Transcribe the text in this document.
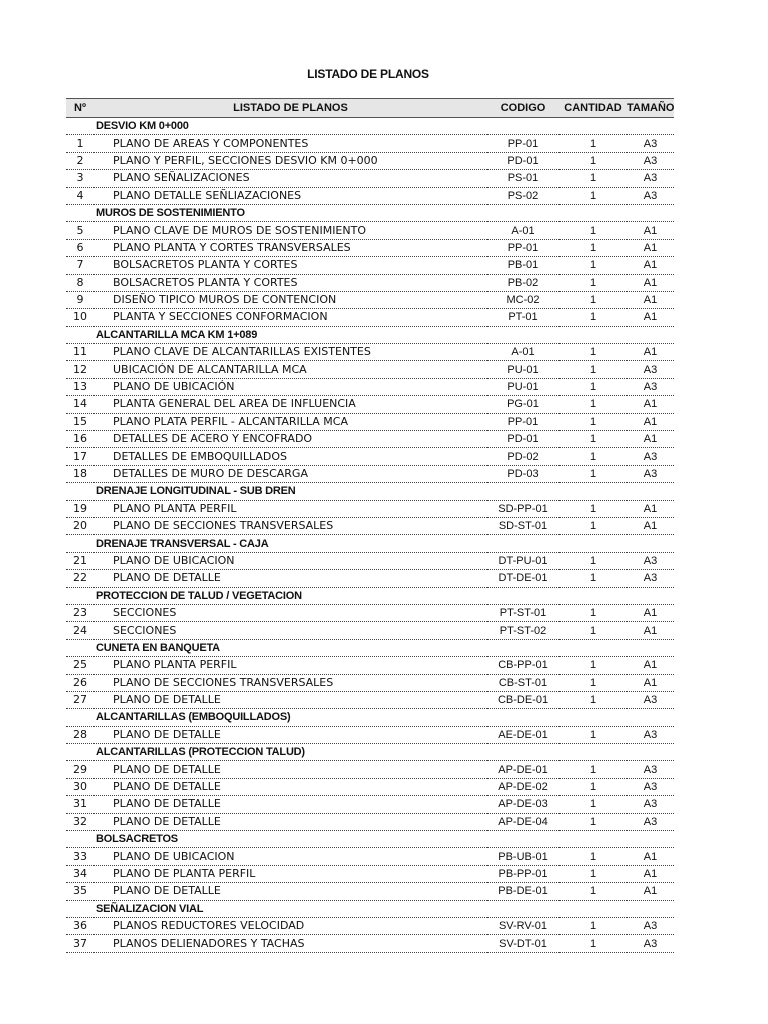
LISTADO DE PLANOS
Nº	LISTADO DE PLANOS	CODIGO	CANTIDAD	TAMAÑO
	DESVIO KM 0+000			
1	PLANO DE AREAS Y COMPONENTES	PP-01	1	A3
2	PLANO Y PERFIL, SECCIONES DESVIO KM 0+000	PD-01	1	A3
3	PLANO SEÑALIZACIONES	PS-01	1	A3
4	PLANO DETALLE SEÑLIAZACIONES	PS-02	1	A3
	MUROS DE SOSTENIMIENTO			
5	PLANO CLAVE DE MUROS DE SOSTENIMIENTO	A-01	1	A1
6	PLANO PLANTA Y CORTES TRANSVERSALES	PP-01	1	A1
7	BOLSACRETOS PLANTA Y CORTES	PB-01	1	A1
8	BOLSACRETOS PLANTA Y CORTES	PB-02	1	A1
9	DISEÑO TIPICO MUROS DE CONTENCION	MC-02	1	A1
10	PLANTA Y SECCIONES CONFORMACION	PT-01	1	A1
	ALCANTARILLA MCA KM 1+089			
11	PLANO CLAVE DE ALCANTARILLAS EXISTENTES	A-01	1	A1
12	UBICACIÓN DE ALCANTARILLA MCA	PU-01	1	A3
13	PLANO DE UBICACIÓN	PU-01	1	A3
14	PLANTA GENERAL DEL AREA DE INFLUENCIA	PG-01	1	A1
15	PLANO PLATA PERFIL - ALCANTARILLA MCA	PP-01	1	A1
16	DETALLES DE ACERO Y ENCOFRADO	PD-01	1	A1
17	DETALLES DE EMBOQUILLADOS	PD-02	1	A3
18	DETALLES DE MURO DE DESCARGA	PD-03	1	A3
	DRENAJE LONGITUDINAL - SUB DREN			
19	PLANO PLANTA PERFIL	SD-PP-01	1	A1
20	PLANO DE SECCIONES TRANSVERSALES	SD-ST-01	1	A1
	DRENAJE TRANSVERSAL - CAJA			
21	PLANO DE UBICACION	DT-PU-01	1	A3
22	PLANO DE DETALLE	DT-DE-01	1	A3
	PROTECCION DE TALUD / VEGETACION			
23	SECCIONES	PT-ST-01	1	A1
24	SECCIONES	PT-ST-02	1	A1
	CUNETA EN BANQUETA			
25	PLANO PLANTA PERFIL	CB-PP-01	1	A1
26	PLANO DE SECCIONES TRANSVERSALES	CB-ST-01	1	A1
27	PLANO DE DETALLE	CB-DE-01	1	A3
	ALCANTARILLAS (EMBOQUILLADOS)			
28	PLANO DE DETALLE	AE-DE-01	1	A3
	ALCANTARILLAS (PROTECCION TALUD)			
29	PLANO DE DETALLE	AP-DE-01	1	A3
30	PLANO DE DETALLE	AP-DE-02	1	A3
31	PLANO DE DETALLE	AP-DE-03	1	A3
32	PLANO DE DETALLE	AP-DE-04	1	A3
	BOLSACRETOS			
33	PLANO DE UBICACION	PB-UB-01	1	A1
34	PLANO DE PLANTA PERFIL	PB-PP-01	1	A1
35	PLANO DE DETALLE	PB-DE-01	1	A1
	SEÑALIZACION VIAL			
36	PLANOS REDUCTORES VELOCIDAD	SV-RV-01	1	A3
37	PLANOS DELIENADORES Y TACHAS	SV-DT-01	1	A3
